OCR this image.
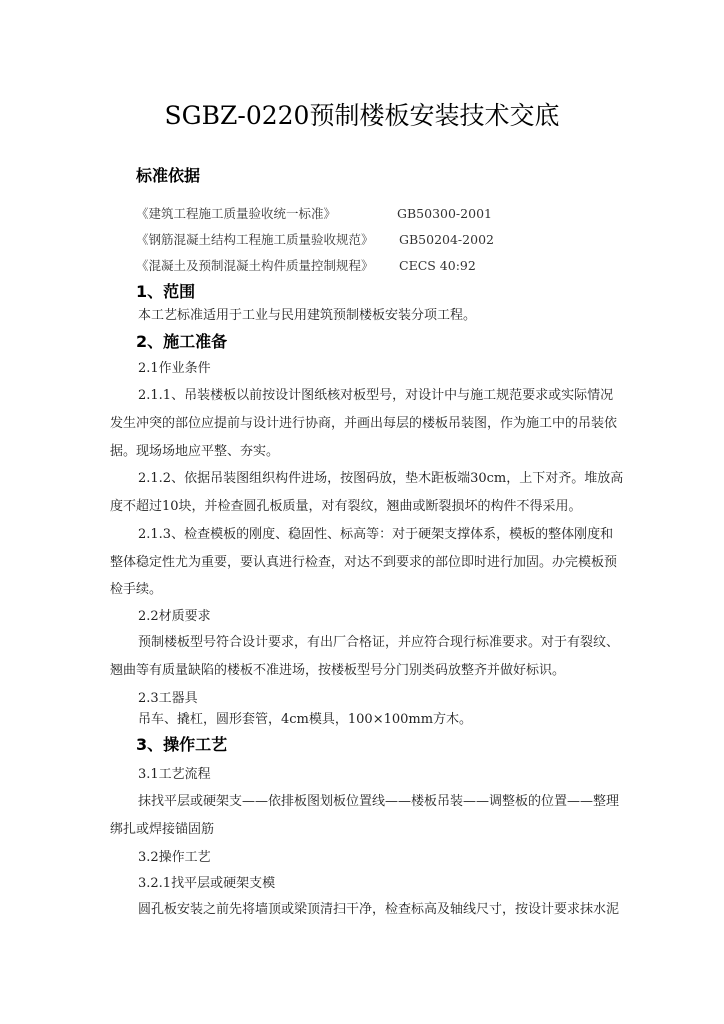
SGBZ-0220预制楼板安装技术交底
标准依据
《建筑工程施工质量验收统一标准》	GB50300-2001
《钢筋混凝土结构工程施工质量验收规范》 GB50204-2002
《混凝土及预制混凝土构件质量控制规程》 CECS 40:92
1、范围
本工艺标准适用于工业与民用建筑预制楼板安装分项工程。
2、施工准备
2.1作业条件
2.1.1、吊装楼板以前按设计图纸核对板型号，对设计中与施工规范要求或实际情况
发生冲突的部位应提前与设计进行协商，并画出每层的楼板吊装图，作为施工中的吊装依
据。现场场地应平整、夯实。
2.1.2、依据吊装图组织构件进场，按图码放，垫木距板端30cm，上下对齐。堆放高
度不超过10块，并检查圆孔板质量，对有裂纹，翘曲或断裂损坏的构件不得采用。
2.1.3、检查模板的刚度、稳固性、标高等：对于硬架支撑体系，模板的整体刚度和
整体稳定性尤为重要，要认真进行检查，对达不到要求的部位即时进行加固。办完模板预
检手续。
2.2材质要求
预制楼板型号符合设计要求，有出厂合格证，并应符合现行标准要求。对于有裂纹、
翘曲等有质量缺陷的楼板不准进场，按楼板型号分门别类码放整齐并做好标识。
2.3工器具
吊车、撬杠，圆形套管，4cm模具，100×100mm方木。
3、操作工艺
3.1工艺流程
抹找平层或硬架支——依排板图划板位置线——楼板吊装——调整板的位置——整理
绑扎或焊接锚固筋
3.2操作工艺
3.2.1找平层或硬架支模
圆孔板安装之前先将墙顶或梁顶清扫干净，检查标高及轴线尺寸，按设计要求抹水泥
